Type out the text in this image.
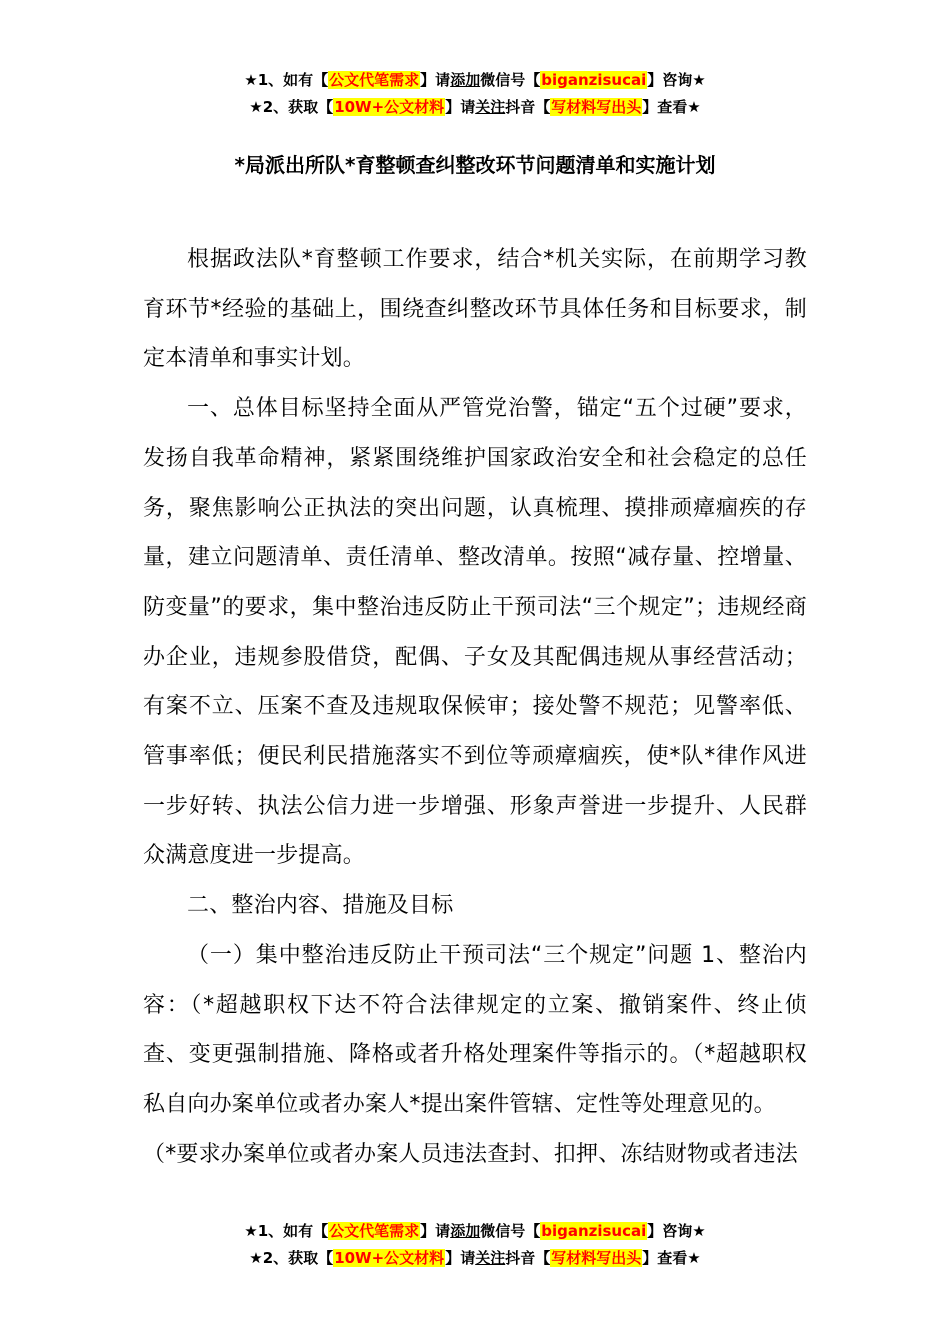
★1、如有【公文代笔需求】请添加微信号【biganzisucai】咨询★
★2、获取【10W+公文材料】请关注抖音【写材料写出头】查看★
*局派出所队*育整顿查纠整改环节问题清单和实施计划

根据政法队*育整顿工作要求，结合*机关实际，在前期学习教育环节*经验的基础上，围绕查纠整改环节具体任务和目标要求，制定本清单和事实计划。

一、总体目标坚持全面从严管党治警，锚定“五个过硬”要求，发扬自我革命精神，紧紧围绕维护国家政治安全和社会稳定的总任务，聚焦影响公正执法的突出问题，认真梳理、摸排顽瘴痼疾的存量，建立问题清单、责任清单、整改清单。按照“减存量、控增量、防变量”的要求，集中整治违反防止干预司法“三个规定”；违规经商办企业，违规参股借贷，配偶、子女及其配偶违规从事经营活动；有案不立、压案不查及违规取保候审；接处警不规范；见警率低、管事率低；便民利民措施落实不到位等顽瘴痼疾，使*队*律作风进一步好转、执法公信力进一步增强、形象声誉进一步提升、人民群众满意度进一步提高。

二、整治内容、措施及目标

（一）集中整治违反防止干预司法“三个规定”问题 1、整治内容：（*超越职权下达不符合法律规定的立案、撤销案件、终止侦查、变更强制措施、降格或者升格处理案件等指示的。（*超越职权私自向办案单位或者办案人*提出案件管辖、定性等处理意见的。

（*要求办案单位或者办案人员违法查封、扣押、冻结财物或者违法

★1、如有【公文代笔需求】请添加微信号【biganzisucai】咨询★
★2、获取【10W+公文材料】请关注抖音【写材料写出头】查看★
